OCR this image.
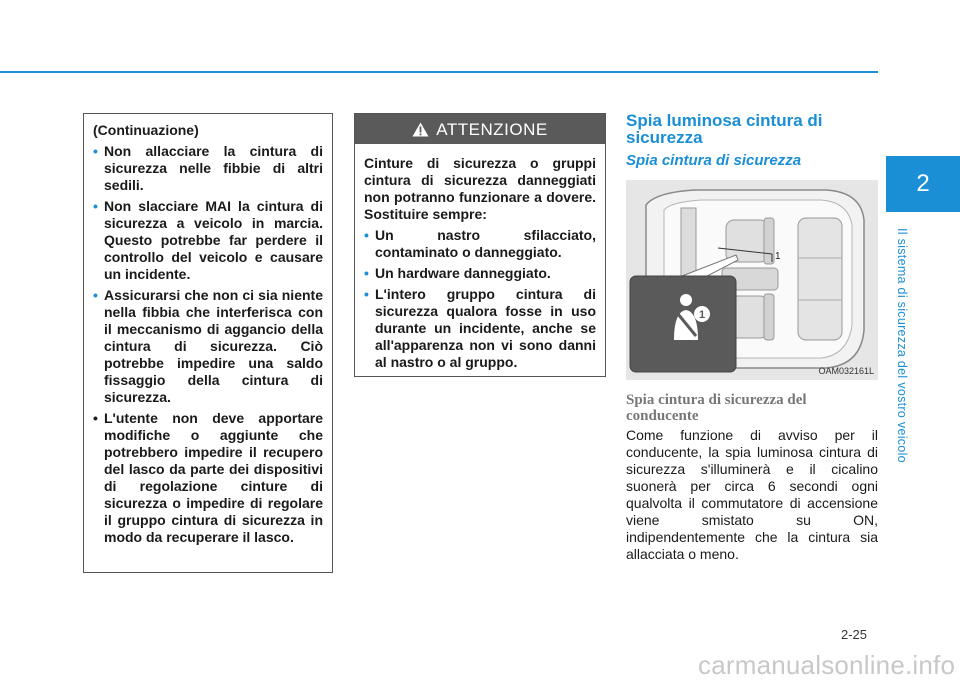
2
Il sistema di sicurezza del vostro veicolo
(Continuazione)
• Non allacciare la cintura di sicurezza nelle fibbie di altri sedili.
• Non slacciare MAI la cintura di sicurezza a veicolo in marcia. Questo potrebbe far perdere il controllo del veicolo e causare un incidente.
• Assicurarsi che non ci sia niente nella fibbia che interferisca con il meccanismo di aggancio della cintura di sicurezza. Ciò potrebbe impedire una saldo fissaggio della cintura di sicurezza.
• L'utente non deve apportare modifiche o aggiunte che potrebbero impedire il recupero del lasco da parte dei dispositivi di regolazione cinture di sicurezza o impedire di regolare il gruppo cintura di sicurezza in modo da recuperare il lasco.
ATTENZIONE
Cinture di sicurezza o gruppi cintura di sicurezza danneggiati non potranno funzionare a dovere. Sostituire sempre:
• Un nastro sfilacciato, contaminato o danneggiato.
• Un hardware danneggiato.
• L'intero gruppo cintura di sicurezza qualora fosse in uso durante un incidente, anche se all'apparenza non vi sono danni al nastro o al gruppo.
Spia luminosa cintura di sicurezza
Spia cintura di sicurezza
1
1
OAM032161L
Spia cintura di sicurezza del conducente
Come funzione di avviso per il conducente, la spia luminosa cintura di sicurezza s'illuminerà e il cicalino suonerà per circa 6 secondi ogni qualvolta il commutatore di accensione viene smistato su ON, indipendentemente che la cintura sia allacciata o meno.
2-25
carmanualsonline.info
